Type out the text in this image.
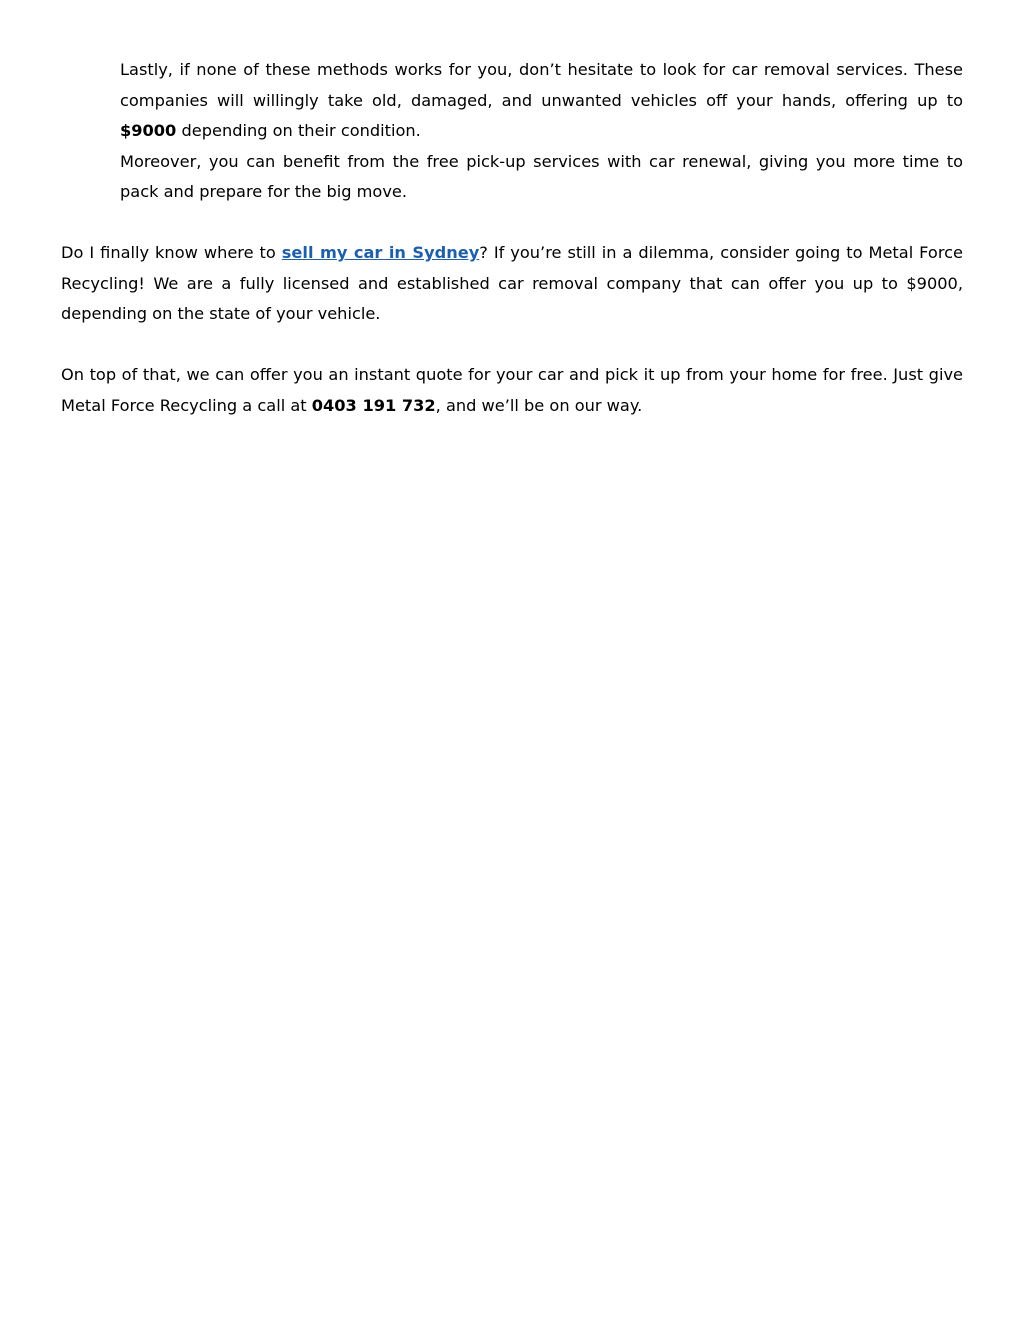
Lastly, if none of these methods works for you, don’t hesitate to look for car removal services. These companies will willingly take old, damaged, and unwanted vehicles off your hands, offering up to $9000 depending on their condition.

Moreover, you can benefit from the free pick-up services with car renewal, giving you more time to pack and prepare for the big move.

Do I finally know where to sell my car in Sydney? If you’re still in a dilemma, consider going to Metal Force Recycling! We are a fully licensed and established car removal company that can offer you up to $9000, depending on the state of your vehicle.

On top of that, we can offer you an instant quote for your car and pick it up from your home for free. Just give Metal Force Recycling a call at 0403 191 732, and we’ll be on our way.
